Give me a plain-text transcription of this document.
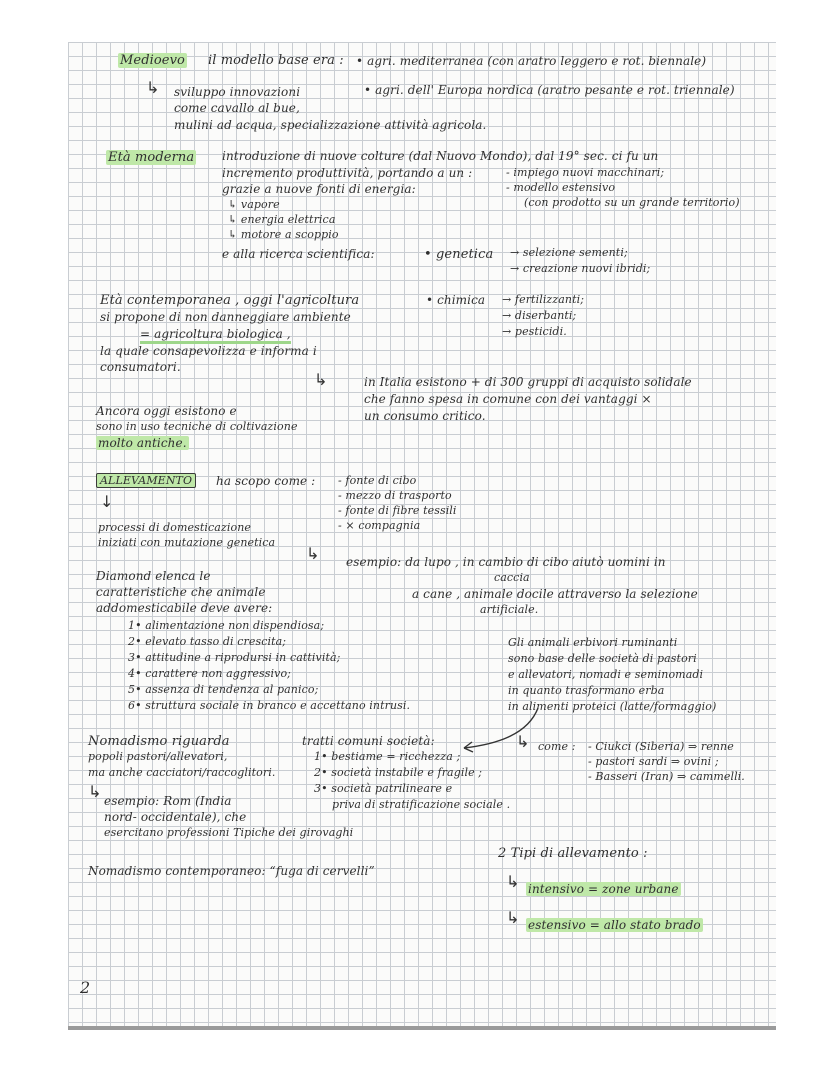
Medioevo il modello base era : • agri. mediterranea (con aratro leggero e rot. biennale)
• agri. dell' Europa nordica (aratro pesante e rot. triennale)
↳ sviluppo innovazioni
come cavallo al bue,
mulini ad acqua, specializzazione attività agricola.
Età moderna introduzione di nuove colture (dal Nuovo Mondo), dal 19° sec. ci fu un
incremento produttività, portando a un :	- impiego nuovi macchinari;
- modello estensivo
(con prodotto su un grande territorio)
grazie a nuove fonti di energia:
↳ vapore
↳ energia elettrica
↳ motore a scoppio
e alla ricerca scientifica:	• genetica → selezione sementi;
→ creazione nuovi ibridi;
• chimica → fertilizzanti;
→ diserbanti;
→ pesticidi.
Età contemporanea , oggi l'agricoltura
si propone di non danneggiare ambiente
= agricoltura biologica ,
la quale consapevolizza e informa i
consumatori.
↳	in Italia esistono + di 300 gruppi di acquisto solidale
che fanno spesa in comune con dei vantaggi ×
un consumo critico.
Ancora oggi esistono e
sono in uso tecniche di coltivazione
molto antiche.
ALLEVAMENTO	ha scopo come : - fonte di cibo
- mezzo di trasporto
- fonte di fibre tessili
- × compagnia
↓
processi di domesticazione
iniziati con mutazione genetica
↳ esempio: da lupo , in cambio di cibo aiutò uomini in
caccia
a cane , animale docile attraverso la selezione
artificiale.
Diamond elenca le
caratteristiche che animale
addomesticabile deve avere:
1• alimentazione non dispendiosa;
2• elevato tasso di crescita;
3• attitudine a riprodursi in cattività;
4• carattere non aggressivo;
5• assenza di tendenza al panico;
6• struttura sociale in branco e accettano intrusi.
Gli animali erbivori ruminanti
sono base delle società di pastori
e allevatori, nomadi e seminomadi
in quanto trasformano erba
in alimenti proteici (latte/formaggio)
Nomadismo riguarda
popoli pastori/allevatori,
ma anche cacciatori/raccoglitori.
tratti comuni società:
1• bestiame = ricchezza ;
2• società instabile e fragile ;
3• società patrilineare e
priva di stratificazione sociale .
↳ come : - Ciukci (Siberia) ⇒ renne
- pastori sardi ⇒ ovini ;
- Basseri (Iran) ⇒ cammelli.
↳ esempio: Rom (India
nord- occidentale), che
esercitano professioni Tipiche dei girovaghi
Nomadismo contemporaneo: “fuga di cervelli”
2 Tipi di allevamento :
↳ intensivo = zone urbane
↳ estensivo = allo stato brado
2
